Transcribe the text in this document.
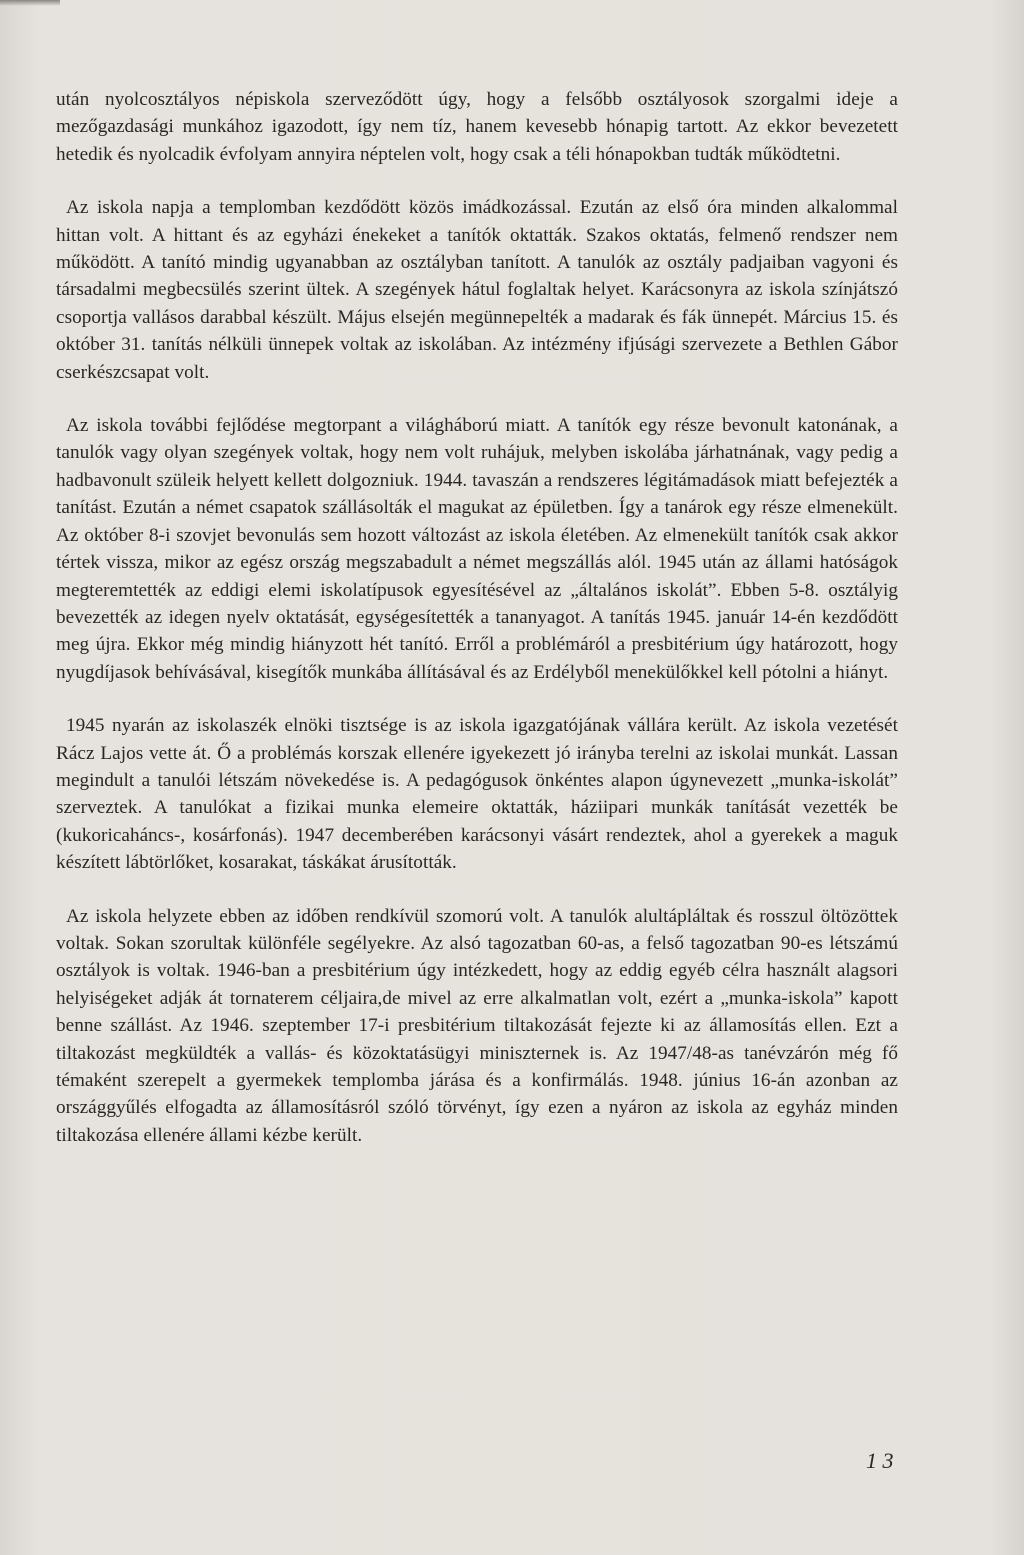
után nyolcosztályos népiskola szerveződött úgy, hogy a felsőbb osztályosok szorgalmi ideje a mezőgazdasági munkához igazodott, így nem tíz, hanem kevesebb hónapig tartott. Az ekkor bevezetett hetedik és nyolcadik évfolyam annyira néptelen volt, hogy csak a téli hónapokban tudták működtetni.

Az iskola napja a templomban kezdődött közös imádkozással. Ezután az első óra minden alkalommal hittan volt. A hittant és az egyházi énekeket a tanítók oktatták. Szakos oktatás, felmenő rendszer nem működött. A tanító mindig ugyanabban az osztályban tanított. A tanulók az osztály padjaiban vagyoni és társadalmi megbecsülés szerint ültek. A szegények hátul foglaltak helyet. Karácsonyra az iskola színjátszó csoportja vallásos darabbal készült. Május elsején megünnepelték a madarak és fák ünnepét. Március 15. és október 31. tanítás nélküli ünnepek voltak az iskolában. Az intézmény ifjúsági szervezete a Bethlen Gábor cserkészcsapat volt.

Az iskola további fejlődése megtorpant a világháború miatt. A tanítók egy része bevonult katonának, a tanulók vagy olyan szegények voltak, hogy nem volt ruhájuk, melyben iskolába járhatnának, vagy pedig a hadbavonult szüleik helyett kellett dolgozniuk. 1944. tavaszán a rendszeres légitámadások miatt befejezték a tanítást. Ezután a német csapatok szállásolták el magukat az épületben. Így a tanárok egy része elmenekült. Az október 8-i szovjet bevonulás sem hozott változást az iskola életében. Az elmenekült tanítók csak akkor tértek vissza, mikor az egész ország megszabadult a német megszállás alól. 1945 után az állami hatóságok megteremtették az eddigi elemi iskolatípusok egyesítésével az „általános iskolát”. Ebben 5-8. osztályig bevezették az idegen nyelv oktatását, egységesítették a tananyagot. A tanítás 1945. január 14-én kezdődött meg újra. Ekkor még mindig hiányzott hét tanító. Erről a problémáról a presbitérium úgy határozott, hogy nyugdíjasok behívásával, kisegítők munkába állításával és az Erdélyből menekülőkkel kell pótolni a hiányt.

1945 nyarán az iskolaszék elnöki tisztsége is az iskola igazgatójának vállára került. Az iskola vezetését Rácz Lajos vette át. Ő a problémás korszak ellenére igyekezett jó irányba terelni az iskolai munkát. Lassan megindult a tanulói létszám növekedése is. A pedagógusok önkéntes alapon úgynevezett „munka-iskolát” szerveztek. A tanulókat a fizikai munka elemeire oktatták, háziipari munkák tanítását vezették be (kukoricaháncs-, kosárfonás). 1947 decemberében karácsonyi vásárt rendeztek, ahol a gyerekek a maguk készített lábtörlőket, kosarakat, táskákat árusították.

Az iskola helyzete ebben az időben rendkívül szomorú volt. A tanulók alultápláltak és rosszul öltözöttek voltak. Sokan szorultak különféle segélyekre. Az alsó tagozatban 60-as, a felső tagozatban 90-es létszámú osztályok is voltak. 1946-ban a presbitérium úgy intézkedett, hogy az eddig egyéb célra használt alagsori helyiségeket adják át tornaterem céljaira,de mivel az erre alkalmatlan volt, ezért a „munka-iskola” kapott benne szállást. Az 1946. szeptember 17-i presbitérium tiltakozását fejezte ki az államosítás ellen. Ezt a tiltakozást megküldték a vallás- és közoktatásügyi miniszternek is. Az 1947/48-as tanévzárón még fő témaként szerepelt a gyermekek templomba járása és a konfirmálás. 1948. június 16-án azonban az országgyűlés elfogadta az államosításról szóló törvényt, így ezen a nyáron az iskola az egyház minden tiltakozása ellenére állami kézbe került.

1 3
